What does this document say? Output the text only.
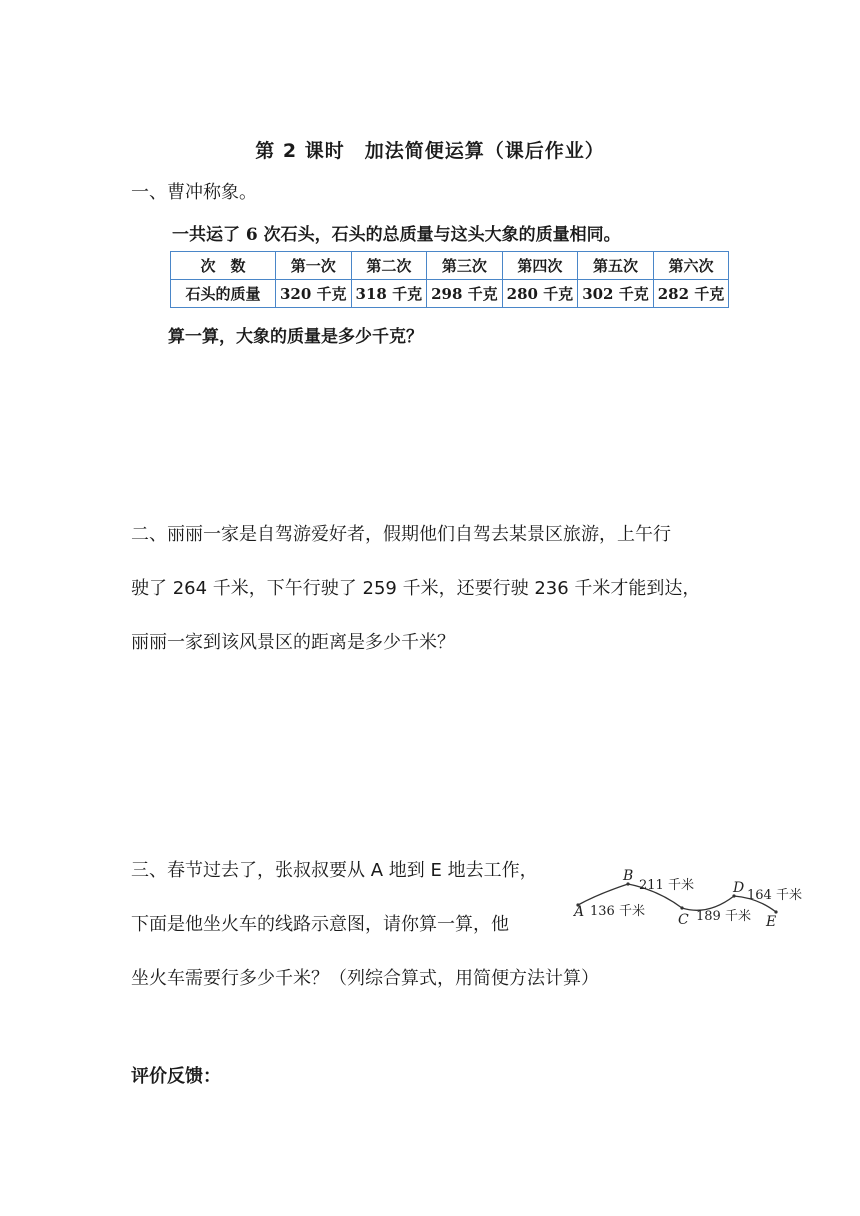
第 2 课时　加法简便运算（课后作业）
一、曹冲称象。
一共运了 6 次石头，石头的总质量与这头大象的质量相同。
次　数	第一次	第二次	第三次	第四次	第五次	第六次
石头的质量	320 千克	318 千克	298 千克	280 千克	302 千克	282 千克
算一算，大象的质量是多少千克？
二、丽丽一家是自驾游爱好者，假期他们自驾去某景区旅游，上午行
驶了 264 千米，下午行驶了 259 千米，还要行驶 236 千米才能到达，
丽丽一家到该风景区的距离是多少千米？
三、春节过去了，张叔叔要从 A 地到 E 地去工作，
下面是他坐火车的线路示意图，请你算一算，他
坐火车需要行多少千米？（列综合算式，用简便方法计算）
A
B
C
D
E
136 千米
211 千米
189 千米
164 千米
评价反馈：
